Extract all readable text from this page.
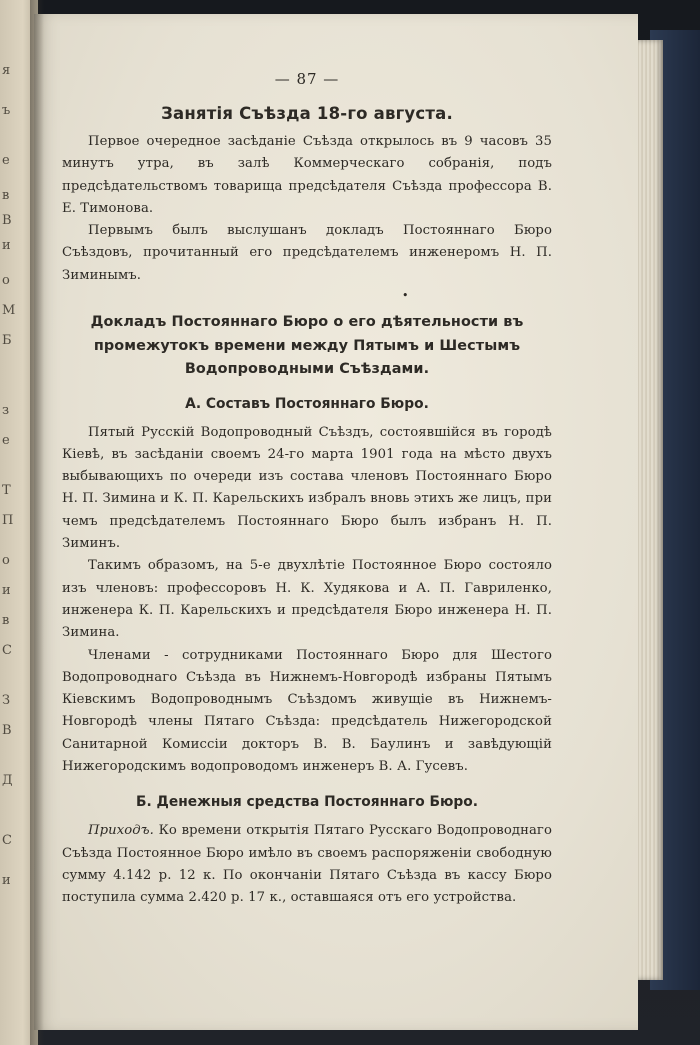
я
ъ
е
в
В
и
о
М
Б
з
е
Т
П
о
и
в
С
З
В
Д
С
и
— 87 —
Занятія Съѣзда 18-го августа.

Первое очередное засѣданіе Съѣзда открылось въ 9 часовъ 35 минутъ утра, въ залѣ Коммерческаго собранія, подъ предсѣдательствомъ товарища предсѣдателя Съѣзда профессора В. Е. Тимонова.

Первымъ былъ выслушанъ докладъ Постояннаго Бюро Съѣздовъ, прочитанный его предсѣдателемъ инженеромъ Н. П. Зиминымъ.

•
Докладъ Постояннаго Бюро о его дѣятельности въ промежутокъ времени между Пятымъ и Шестымъ Водопроводными Съѣздами.
А. Составъ Постояннаго Бюро.

Пятый Русскій Водопроводный Съѣздъ, состоявшійся въ городѣ Кіевѣ, въ засѣданіи своемъ 24-го марта 1901 года на мѣсто двухъ выбывающихъ по очереди изъ состава членовъ Постояннаго Бюро Н. П. Зимина и К. П. Карельскихъ избралъ вновь этихъ же лицъ, при чемъ предсѣдателемъ Постояннаго Бюро былъ избранъ Н. П. Зиминъ.

Такимъ образомъ, на 5-е двухлѣтіе Постоянное Бюро состояло изъ членовъ: профессоровъ Н. К. Худякова и А. П. Гавриленко, инженера К. П. Карельскихъ и предсѣдателя Бюро инженера Н. П. Зимина.

Членами - сотрудниками Постояннаго Бюро для Шестого Водопроводнаго Съѣзда въ Нижнемъ-Новгородѣ избраны Пятымъ Кіевскимъ Водопроводнымъ Съѣздомъ живущіе въ Нижнемъ-Новгородѣ члены Пятаго Съѣзда: предсѣдатель Нижегородской Санитарной Комиссіи докторъ В. В. Баулинъ и завѣдующій Нижегородскимъ водопроводомъ инженеръ В. А. Гусевъ.

Б. Денежныя средства Постояннаго Бюро.

Приходъ. Ко времени открытія Пятаго Русскаго Водопроводнаго Съѣзда Постоянное Бюро имѣло въ своемъ распоряженіи свободную сумму 4.142 р. 12 к. По окончаніи Пятаго Съѣзда въ кассу Бюро поступила сумма 2.420 р. 17 к., оставшаяся отъ его устройства.
